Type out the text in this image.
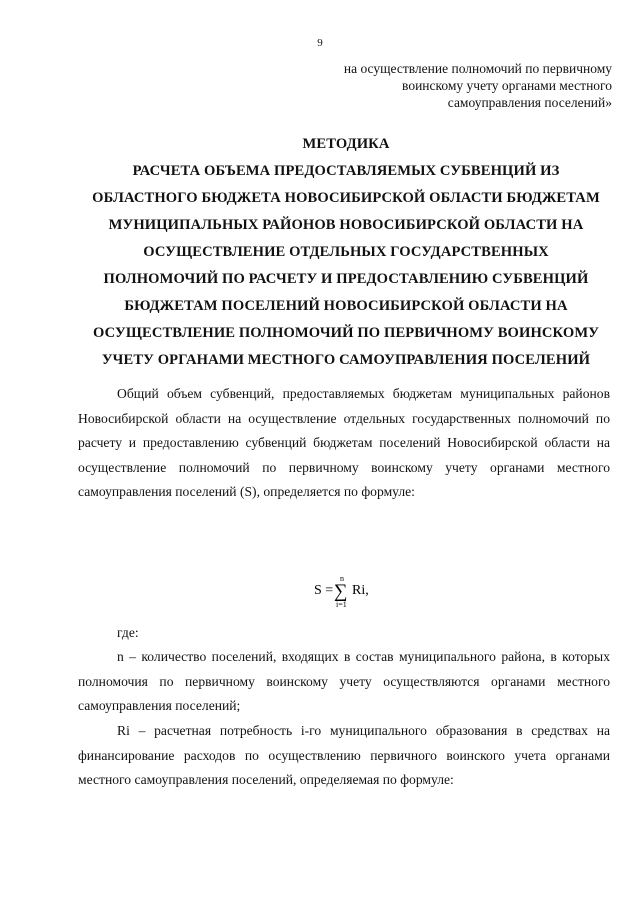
9
на осуществление полномочий по первичному
воинскому учету органами местного
самоуправления поселений»
МЕТОДИКА
РАСЧЕТА ОБЪЕМА ПРЕДОСТАВЛЯЕМЫХ СУБВЕНЦИЙ ИЗ
ОБЛАСТНОГО БЮДЖЕТА НОВОСИБИРСКОЙ ОБЛАСТИ БЮДЖЕТАМ
МУНИЦИПАЛЬНЫХ РАЙОНОВ НОВОСИБИРСКОЙ ОБЛАСТИ НА
ОСУЩЕСТВЛЕНИЕ ОТДЕЛЬНЫХ ГОСУДАРСТВЕННЫХ
ПОЛНОМОЧИЙ ПО РАСЧЕТУ И ПРЕДОСТАВЛЕНИЮ СУБВЕНЦИЙ
БЮДЖЕТАМ ПОСЕЛЕНИЙ НОВОСИБИРСКОЙ ОБЛАСТИ НА
ОСУЩЕСТВЛЕНИЕ ПОЛНОМОЧИЙ ПО ПЕРВИЧНОМУ ВОИНСКОМУ
УЧЕТУ ОРГАНАМИ МЕСТНОГО САМОУПРАВЛЕНИЯ ПОСЕЛЕНИЙ

Общий объем субвенций, предоставляемых бюджетам муниципальных районов Новосибирской области на осуществление отдельных государственных полномочий по расчету и предоставлению субвенций бюджетам поселений Новосибирской области на осуществление полномочий по первичному воинскому учету органами местного самоуправления поселений (S), определяется по формуле:

S =
n
∑
i=1
Ri,

где:

n – количество поселений, входящих в состав муниципального района, в которых полномочия по первичному воинскому учету осуществляются органами местного самоуправления поселений;

Ri – расчетная потребность i-го муниципального образования в средствах на финансирование расходов по осуществлению первичного воинского учета органами местного самоуправления поселений, определяемая по формуле:
